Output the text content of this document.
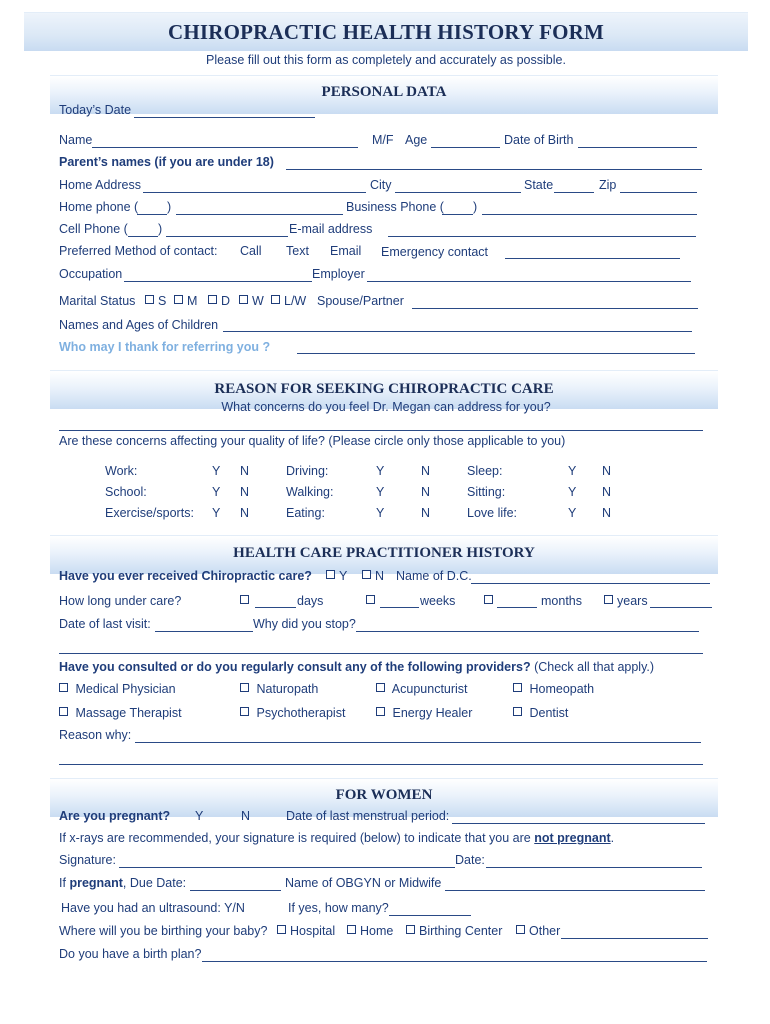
CHIROPRACTIC HEALTH HISTORY FORM
Please fill out this form as completely and accurately as possible.
PERSONAL DATA
Today’s Date
Name	M/F Age	Date of Birth
Parent’s names (if you are under 18)
Home Address	City	State	Zip
Home phone ( )	Business Phone ( )
Cell Phone ( )	E-mail address
Preferred Method of contact: Call Text Email Emergency contact
Occupation	Employer
Marital Status	S	M	D	W	L/W Spouse/Partner
Names and Ages of Children
Who may I thank for referring you ?
REASON FOR SEEKING CHIROPRACTIC CARE
What concerns do you feel Dr. Megan can address for you?
Are these concerns affecting your quality of life? (Please circle only those applicable to you)
Work:	Y N	Driving:	Y	N	Sleep:	Y N
School:	Y N	Walking:	Y	N	Sitting:	Y N
Exercise/sports: Y N	Eating:	Y	N	Love life:	Y N
HEALTH CARE PRACTITIONER HISTORY
Have you ever received Chiropractic care?	Y	N Name of D.C.
How long under care?	days	weeks	months	years
Date of last visit:	Why did you stop?
Have you consulted or do you regularly consult any of the following providers? (Check all that apply.)
Medical Physician	Naturopath	Acupuncturist	Homeopath
Massage Therapist	Psychotherapist	Energy Healer	Dentist
Reason why:
FOR WOMEN
Are you pregnant? Y	N	Date of last menstrual period:
If x-rays are recommended, your signature is required (below) to indicate that you are not pregnant.
Signature:	Date:
If pregnant, Due Date:	Name of OBGYN or Midwife
Have you had an ultrasound: Y/N	If yes, how many?
Where will you be birthing your baby?	Hospital	Home	Birthing Center	Other
Do you have a birth plan?
